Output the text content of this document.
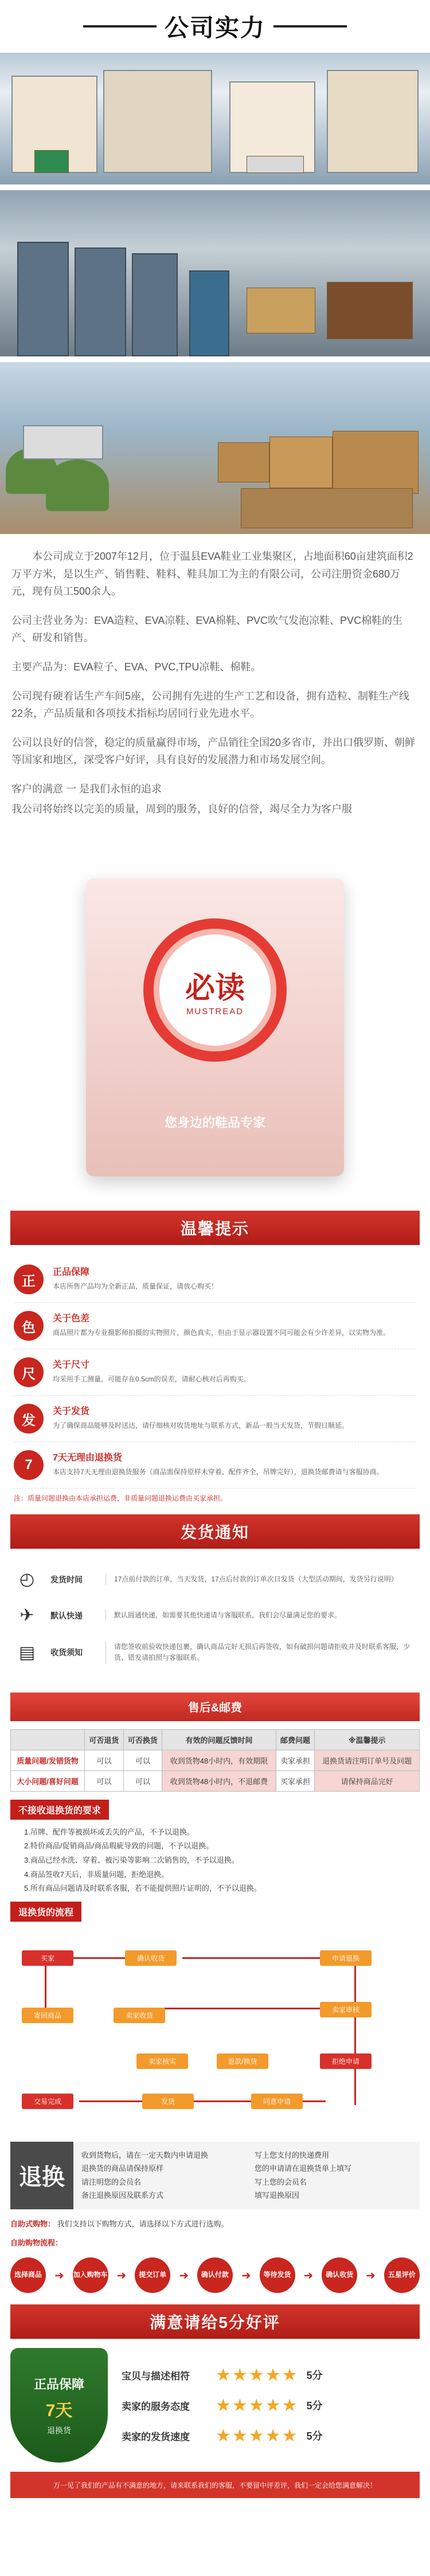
公司实力

本公司成立于2007年12月，位于温县EVA鞋业工业集聚区，占地面积60亩建筑面积2万平方米，是以生产、销售鞋、鞋料、鞋具加工为主的有限公司，公司注册资金680万元，现有员工500余人。

公司主营业务为：EVA造粒、EVA凉鞋、EVA棉鞋、PVC吹气发泡凉鞋、PVC棉鞋的生产、研发和销售。

主要产品为：EVA粒子、EVA、PVC,TPU凉鞋、棉鞋。

公司现有硬着话生产车间5座，公司拥有先进的生产工艺和设备，拥有造粒、制鞋生产线22条，产品质量和各项技术指标均居同行业先进水平。

公司以良好的信誉，稳定的质量赢得市场，产品销往全国20多省市，并出口俄罗斯、朝鲜等国家和地区，深受客户好评，具有良好的发展潜力和市场发展空间。

客户的满意 一 是我们永恒的追求

我公司将始终以完美的质量，周到的服务，良好的信誉，竭尽全力为客户服

必读
MUSTREAD
您身边的鞋品专家
温馨提示
正
正品保障
本店所售产品均为全新正品，质量保证，请放心购买！
色
关于色差
商品照片都为专业摄影师拍摄的实物照片，颜色真实，但由于显示器设置不同可能会有少许差异，以实物为准。
尺
关于尺寸
均采用手工测量，可能存在0.5cm的误差，请耐心核对后再购买。
发
关于发货
为了确保商品能够及时送达，请仔细核对收货地址与联系方式，新品一般当天发货，节假日顺延。
7	7天无理由退换货
本店支持7天无理由退换货服务（商品需保持原样未穿着、配件齐全、吊牌完好），退换货邮费请与客服协商。
注：质量问题退换由本店承担运费，非质量问题退换运费由买家承担。
发货通知
◴	发货时间	17点前付款的订单，当天发货，17点后付款的订单次日发货（大型活动期间，发货另行说明）
✈	默认快递	默认圆通快递，如需要其他快递请与客服联系，我们会尽量满足您的要求。
▤	收货须知
请您签收前验收快递包裹，确认商品完好无损后再签收，如有破损问题请拒收并及时联系客服，少货、错发请拍照与客服联系。
售后&邮费
	可否退货	可否换货	有效的问题反馈时间	邮费问题	※温馨提示
质量问题/发错货物	可以	可以	收到货物48小时内，有效期限	卖家承担	退换货请注明订单号及问题
大小问题/喜好问题	可以	可以	收到货物48小时内，不退邮费	买家承担	请保持商品完好
不接收退换货的要求
1.吊牌、配件等被损坏或丢失的产品，不予以退换。
2.特价商品/促销商品/商品瑕疵导致的问题，不予以退换。
3.商品已经水洗、穿着、被污染等影响二次销售的，不予以退换。
4.商品签收7天后，非质量问题，拒绝退换。
5.所有商品问题请及时联系客服，若不能提供照片证明的，不予以退换。
退换货的流程
买家	确认收货	申请退换
卖家审核
寄回商品	卖家收货
退款/换货
交易完成
卖家核实
发货	同意申请
拒绝申请
退换
收到货物后，请在一定天数内申请退换
退换货的商品请保持原样
请注明您的会员名
备注退换原因及联系方式
写上您支付的快递费用
您的申请请在退换货单上填写
写上您的会员名
填写退换原因
自助式购物： 我们支持以下购物方式，请选择以下方式进行选购。
自助购物流程：
选择商品	➜ 加入购物车 ➜	提交订单	➜	确认付款	➜	等待发货	➜	确认收货	➜	五星评价
满意请给5分好评
正品保障
7天
退换货
宝贝与描述相符	★★★★★ 5分
卖家的服务态度	★★★★★ 5分
卖家的发货速度	★★★★★ 5分
万一见了我们的产品有不满意的地方，请来联系我们的客服，不要留中评差评，我们一定会给您满意解决！
